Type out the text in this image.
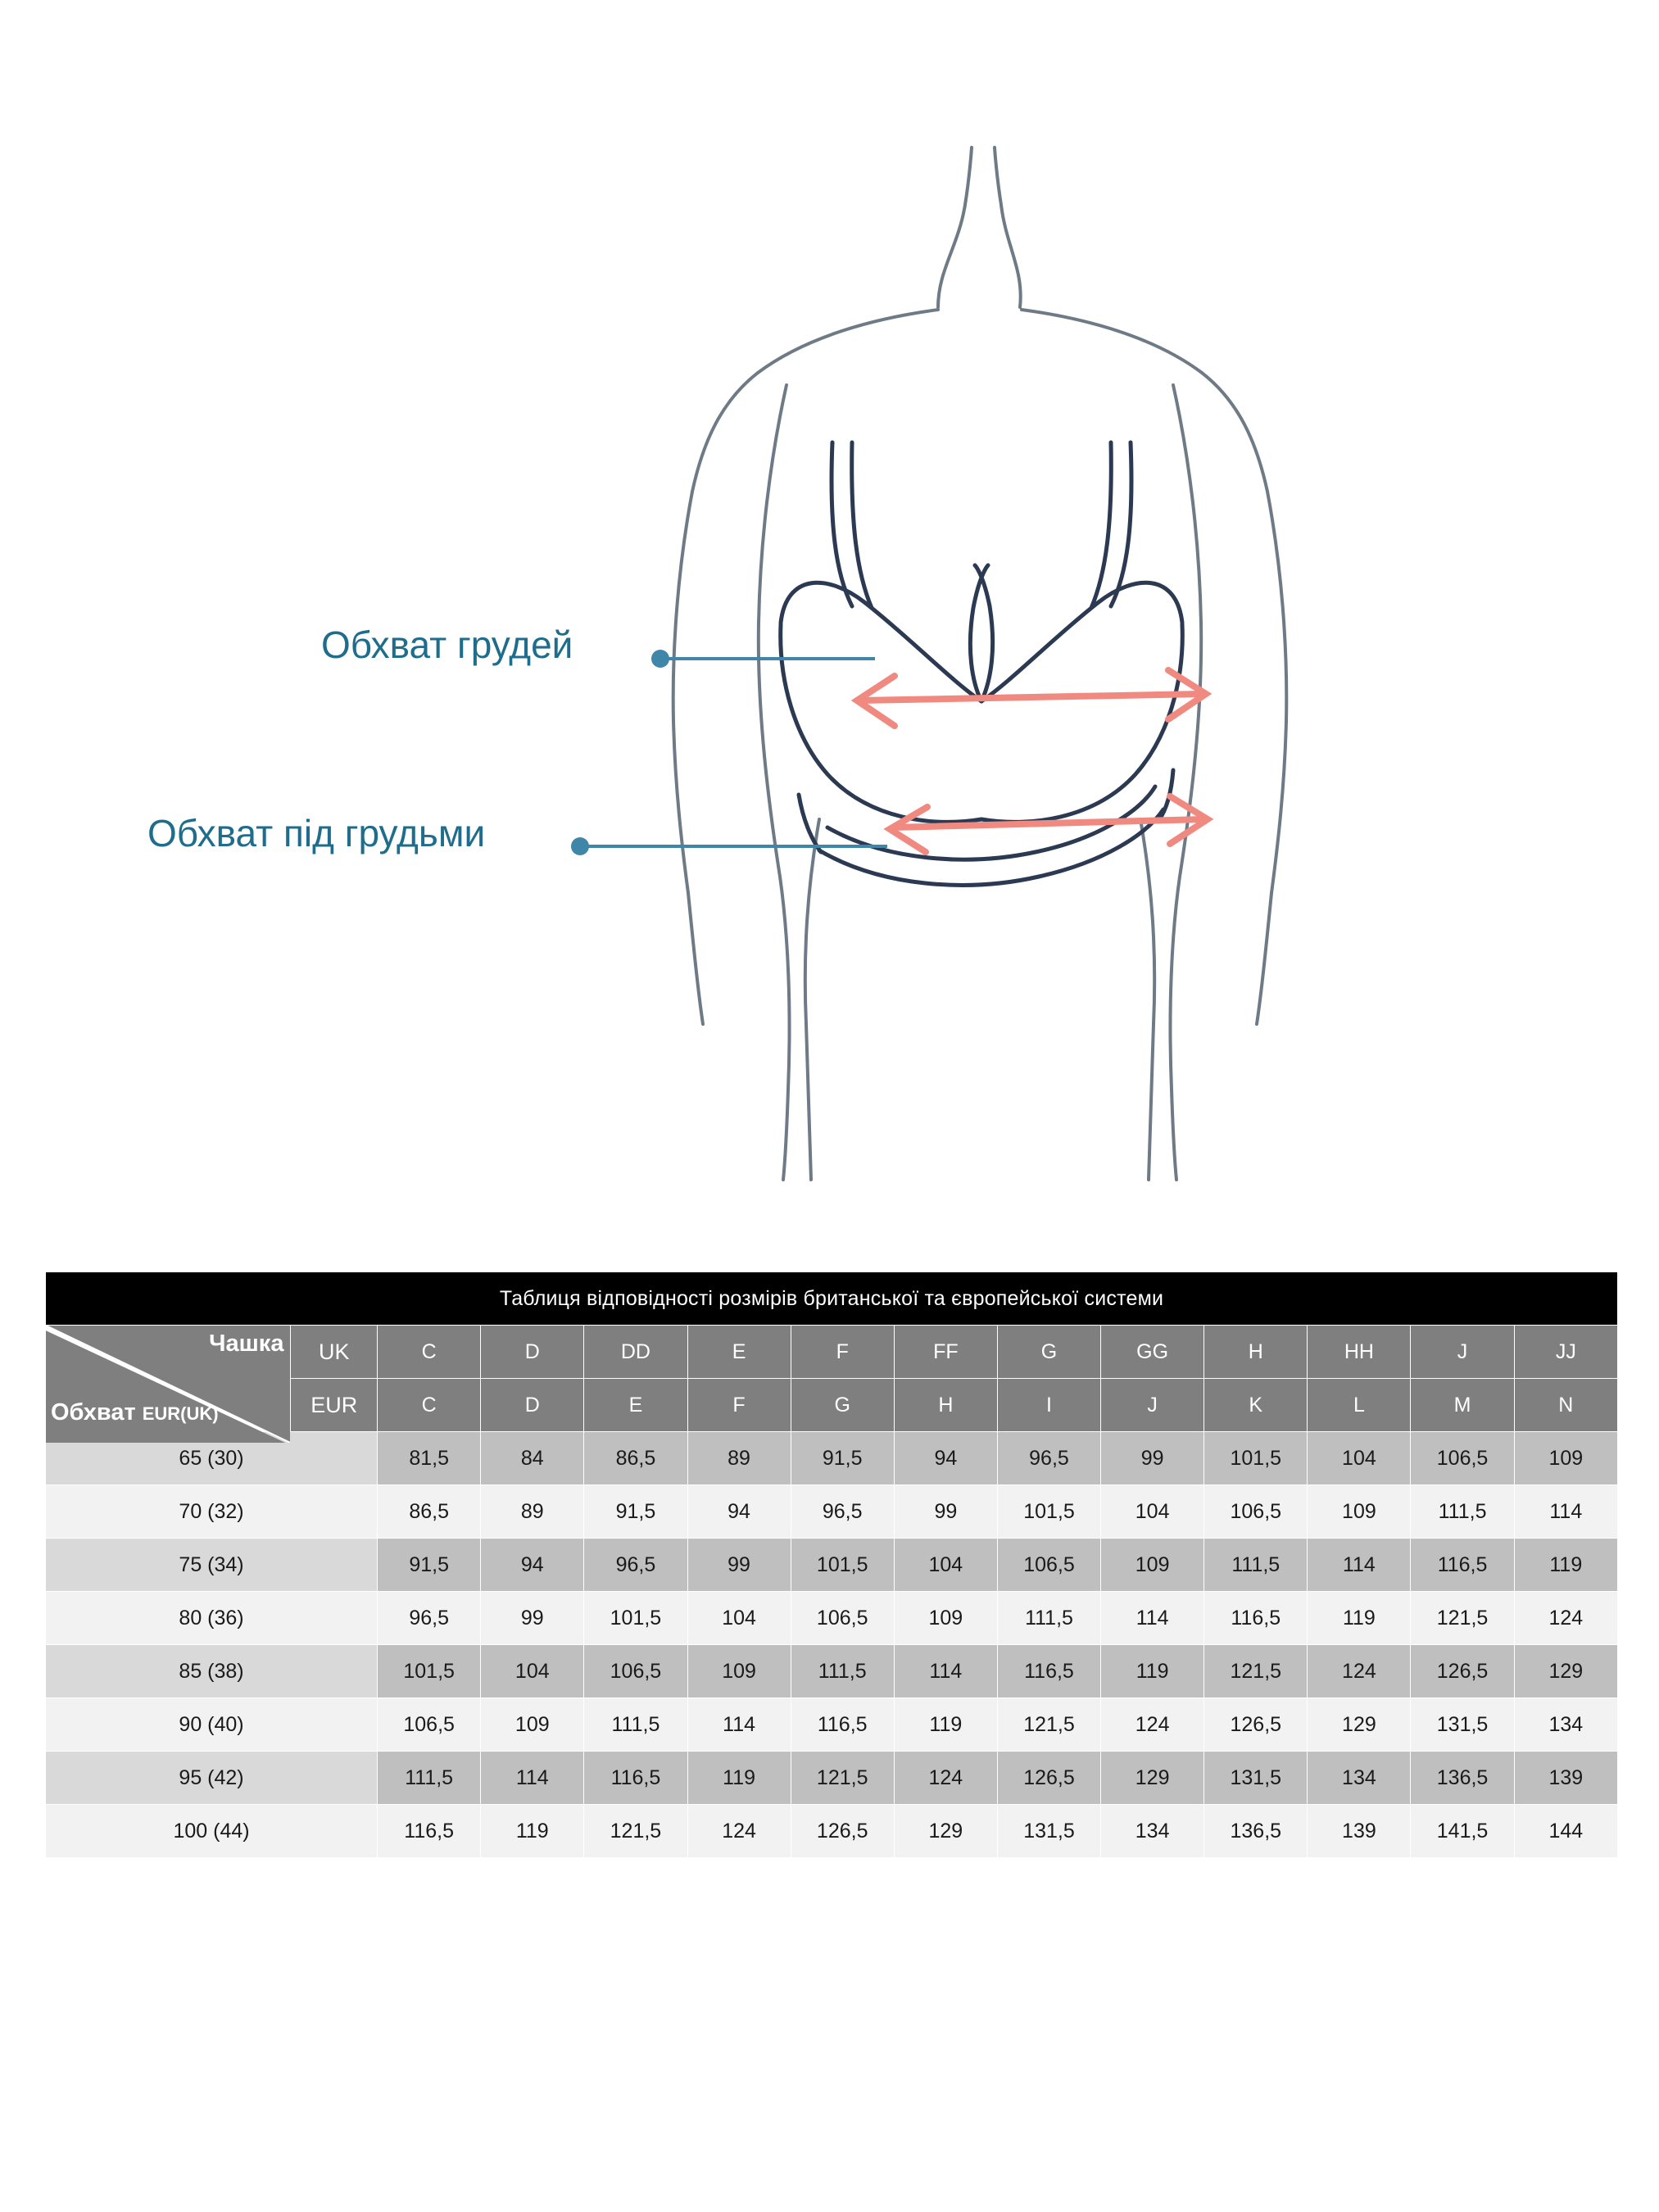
Обхват грудей
Обхват під грудьми
Таблиця відповідності розмірів британської та європейської системи													

Чашка
Обхват EUR(UK)	UK	C	D	DD	E	F	FF	G	GG	H	HH	J	JJ
	EUR	C	D	E	F	G	H	I	J	K	L	M	N
65 (30)		81,5	84	86,5	89	91,5	94	96,5	99	101,5	104	106,5	109
70 (32)		86,5	89	91,5	94	96,5	99	101,5	104	106,5	109	111,5	114
75 (34)		91,5	94	96,5	99	101,5	104	106,5	109	111,5	114	116,5	119
80 (36)		96,5	99	101,5	104	106,5	109	111,5	114	116,5	119	121,5	124
85 (38)		101,5	104	106,5	109	111,5	114	116,5	119	121,5	124	126,5	129
90 (40)		106,5	109	111,5	114	116,5	119	121,5	124	126,5	129	131,5	134
95 (42)		111,5	114	116,5	119	121,5	124	126,5	129	131,5	134	136,5	139
100 (44)		116,5	119	121,5	124	126,5	129	131,5	134	136,5	139	141,5	144
